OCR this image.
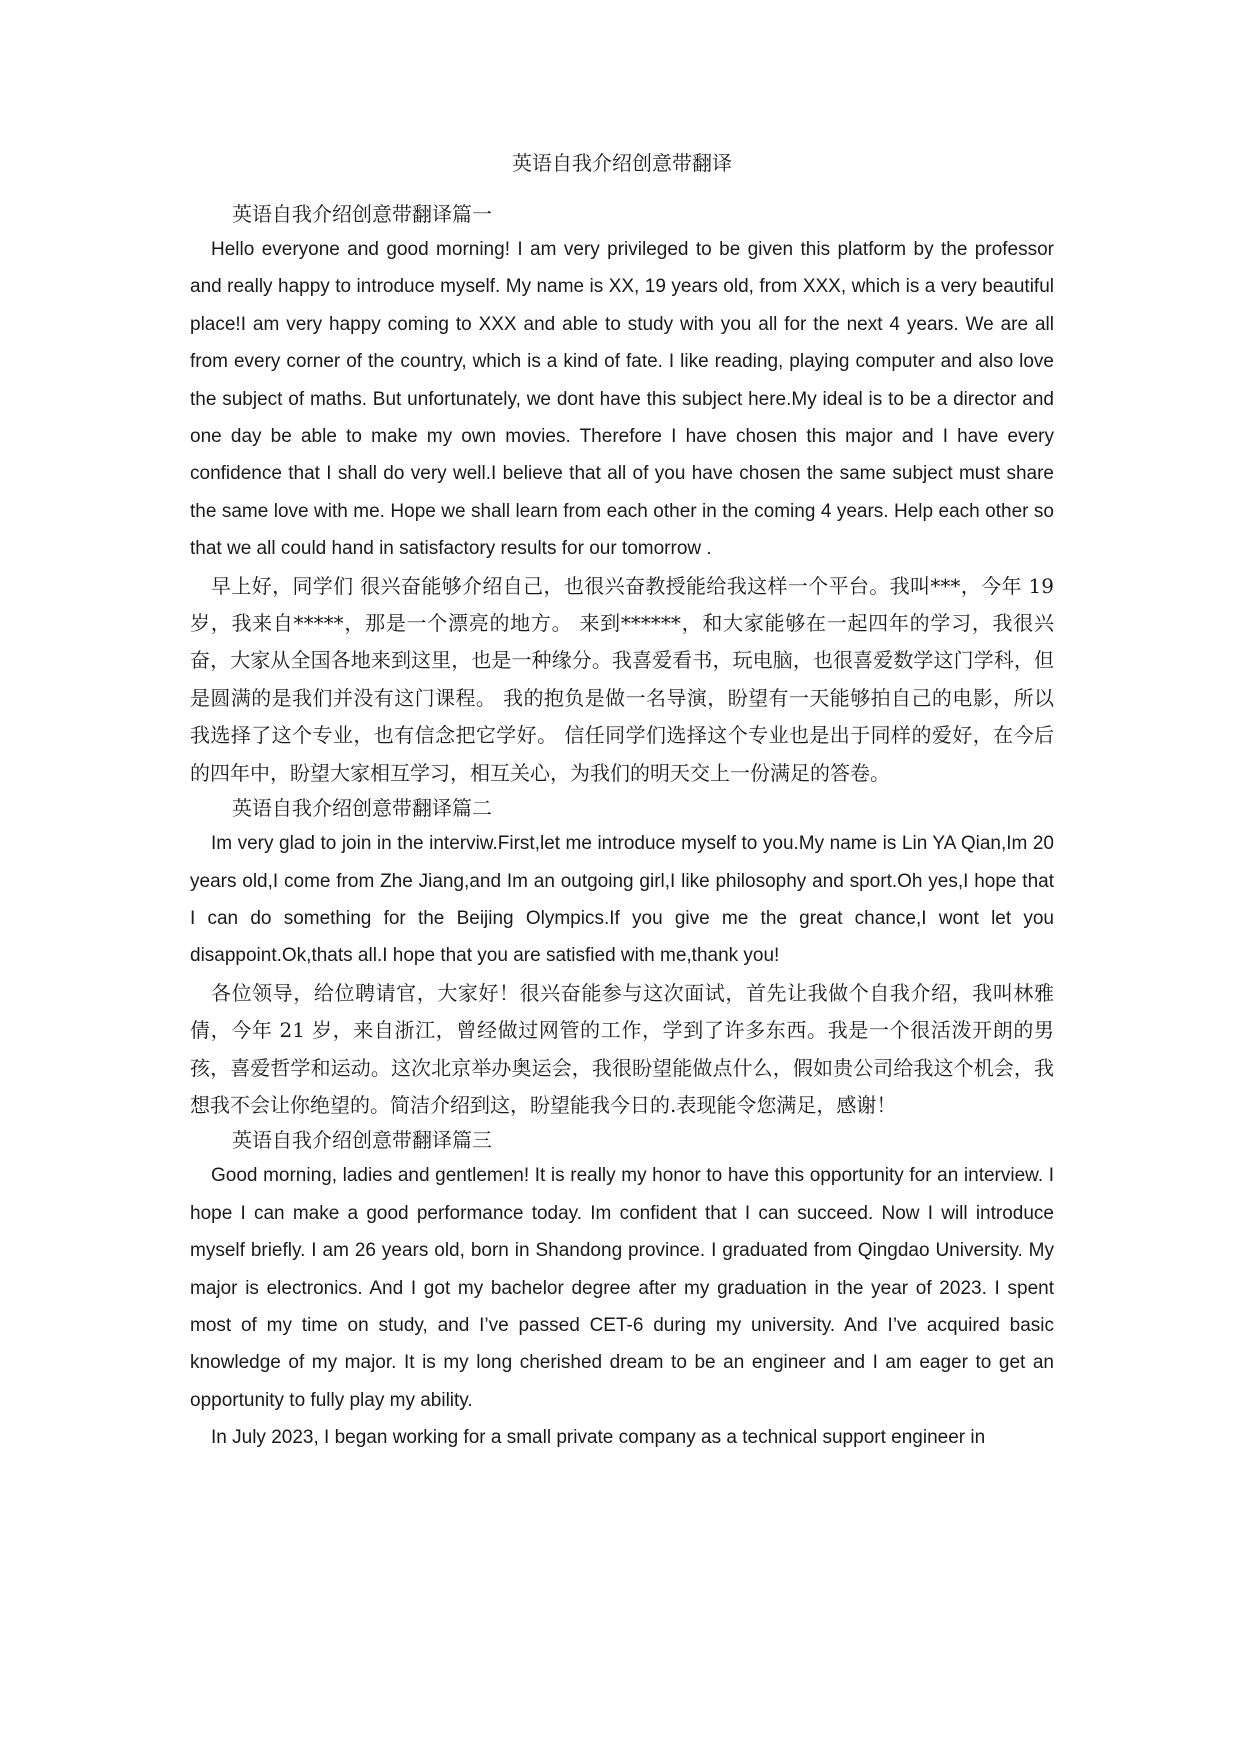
英语自我介绍创意带翻译
英语自我介绍创意带翻译篇一

Hello everyone and good morning! I am very privileged to be given this platform by the professor and really happy to introduce myself. My name is XX, 19 years old, from XXX, which is a very beautiful place!I am very happy coming to XXX and able to study with you all for the next 4 years. We are all from every corner of the country, which is a kind of fate. I like reading, playing computer and also love the subject of maths. But unfortunately, we dont have this subject here.My ideal is to be a director and one day be able to make my own movies. Therefore I have chosen this major and I have every confidence that I shall do very well.I believe that all of you have chosen the same subject must share the same love with me. Hope we shall learn from each other in the coming 4 years. Help each other so that we all could hand in satisfactory results for our tomorrow .

早上好，同学们 很兴奋能够介绍自己，也很兴奋教授能给我这样一个平台。我叫***，今年 19 岁，我来自*****，那是一个漂亮的地方。 来到******，和大家能够在一起四年的学习，我很兴奋，大家从全国各地来到这里，也是一种缘分。我喜爱看书，玩电脑，也很喜爱数学这门学科，但是圆满的是我们并没有这门课程。 我的抱负是做一名导演，盼望有一天能够拍自己的电影，所以我选择了这个专业，也有信念把它学好。 信任同学们选择这个专业也是出于同样的爱好，在今后的四年中，盼望大家相互学习，相互关心，为我们的明天交上一份满足的答卷。

英语自我介绍创意带翻译篇二

Im very glad to join in the interviw.First,let me introduce myself to you.My name is Lin YA Qian,Im 20 years old,I come from Zhe Jiang,and Im an outgoing girl,I like philosophy and sport.Oh yes,I hope that I can do something for the Beijing Olympics.If you give me the great chance,I wont let you disappoint.Ok,thats all.I hope that you are satisfied with me,thank you!

各位领导，给位聘请官，大家好！很兴奋能参与这次面试，首先让我做个自我介绍，我叫林雅倩，今年 21 岁，来自浙江，曾经做过网管的工作，学到了许多东西。我是一个很活泼开朗的男孩，喜爱哲学和运动。这次北京举办奥运会，我很盼望能做点什么，假如贵公司给我这个机会，我想我不会让你绝望的。简洁介绍到这，盼望能我今日的.表现能令您满足，感谢！

英语自我介绍创意带翻译篇三

Good morning, ladies and gentlemen! It is really my honor to have this opportunity for an interview. I hope I can make a good performance today. Im confident that I can succeed. Now I will introduce myself briefly. I am 26 years old, born in Shandong province. I graduated from Qingdao University. My major is electronics. And I got my bachelor degree after my graduation in the year of 2023. I spent most of my time on study, and I’ve passed CET-6 during my university. And I’ve acquired basic knowledge of my major. It is my long cherished dream to be an engineer and I am eager to get an opportunity to fully play my ability.

In July 2023, I began working for a small private company as a technical support engineer in
